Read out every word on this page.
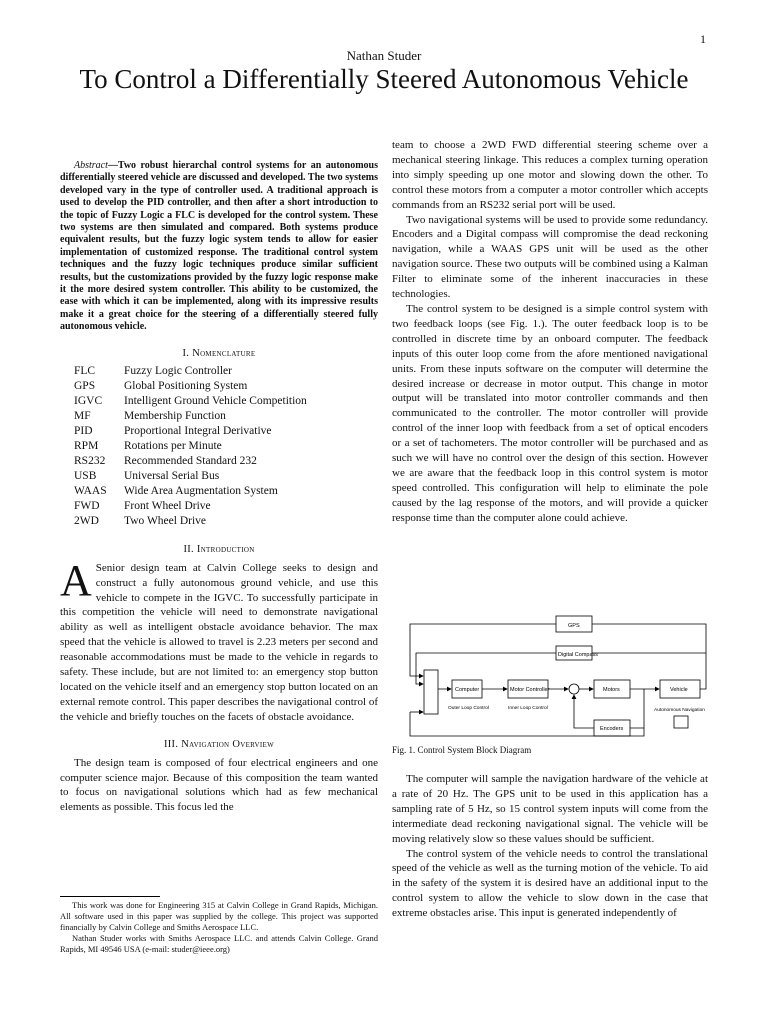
1
Nathan Studer
To Control a Differentially Steered Autonomous Vehicle

Abstract—Two robust hierarchal control systems for an autonomous differentially steered vehicle are discussed and developed. The two systems developed vary in the type of controller used. A traditional approach is used to develop the PID controller, and then after a short introduction to the topic of Fuzzy Logic a FLC is developed for the control system. These two systems are then simulated and compared. Both systems produce equivalent results, but the fuzzy logic system tends to allow for easier implementation of customized response. The traditional control system techniques and the fuzzy logic techniques produce similar sufficient results, but the customizations provided by the fuzzy logic response make it the more desired system controller. This ability to be customized, the ease with which it can be implemented, along with its impressive results make it a great choice for the steering of a differentially steered fully autonomous vehicle.

I. Nomenclature
FLC	Fuzzy Logic Controller
GPS	Global Positioning System
IGVC	Intelligent Ground Vehicle Competition
MF	Membership Function
PID	Proportional Integral Derivative
RPM	Rotations per Minute
RS232	Recommended Standard 232
USB	Universal Serial Bus
WAAS	Wide Area Augmentation System
FWD	Front Wheel Drive
2WD	Two Wheel Drive
II. Introduction

A Senior design team at Calvin College seeks to design and construct a fully autonomous ground vehicle, and use this vehicle to compete in the IGVC. To successfully participate in this competition the vehicle will need to demonstrate navigational ability as well as intelligent obstacle avoidance behavior. The max speed that the vehicle is allowed to travel is 2.23 meters per second and reasonable accommodations must be made to the vehicle in regards to safety. These include, but are not limited to: an emergency stop button located on the vehicle itself and an emergency stop button located on an external remote control. This paper describes the navigational control of the vehicle and briefly touches on the facets of obstacle avoidance.

III. Navigation Overview

The design team is composed of four electrical engineers and one computer science major. Because of this composition the team wanted to focus on navigational solutions which had as few mechanical elements as possible. This focus led the

This work was done for Engineering 315 at Calvin College in Grand Rapids, Michigan. All software used in this paper was supplied by the college. This project was supported financially by Calvin College and Smiths Aerospace LLC.

Nathan Studer works with Smiths Aerospace LLC. and attends Calvin College. Grand Rapids, MI 49546 USA (e-mail: studer@ieee.org)

team to choose a 2WD FWD differential steering scheme over a mechanical steering linkage. This reduces a complex turning operation into simply speeding up one motor and slowing down the other. To control these motors from a computer a motor controller which accepts commands from an RS232 serial port will be used.

Two navigational systems will be used to provide some redundancy. Encoders and a Digital compass will compromise the dead reckoning navigation, while a WAAS GPS unit will be used as the other navigation source. These two outputs will be combined using a Kalman Filter to eliminate some of the inherent inaccuracies in these technologies.

The control system to be designed is a simple control system with two feedback loops (see Fig. 1.). The outer feedback loop is to be controlled in discrete time by an onboard computer. The feedback inputs of this outer loop come from the afore mentioned navigational units. From these inputs software on the computer will determine the desired increase or decrease in motor output. This change in motor output will be translated into motor controller commands and then communicated to the controller. The motor controller will provide control of the inner loop with feedback from a set of optical encoders or a set of tachometers. The motor controller will be purchased and as such we will have no control over the design of this section. However we are aware that the feedback loop in this control system is motor speed controlled. This configuration will help to eliminate the pole caused by the lag response of the motors, and will provide a quicker response time than the computer alone could achieve.

GPS
Digital Compass
Computer	Motor Controller	Motors	Vehicle
Encoders
Outer Loop Control	Inner Loop Control	Autonomous Navigation
Fig. 1. Control System Block Diagram

The computer will sample the navigation hardware of the vehicle at a rate of 20 Hz. The GPS unit to be used in this application has a sampling rate of 5 Hz, so 15 control system inputs will come from the intermediate dead reckoning navigational signal. The vehicle will be moving relatively slow so these values should be sufficient.

The control system of the vehicle needs to control the translational speed of the vehicle as well as the turning motion of the vehicle. To aid in the safety of the system it is desired have an additional input to the control system to allow the vehicle to slow down in the case that extreme obstacles arise. This input is generated independently of
